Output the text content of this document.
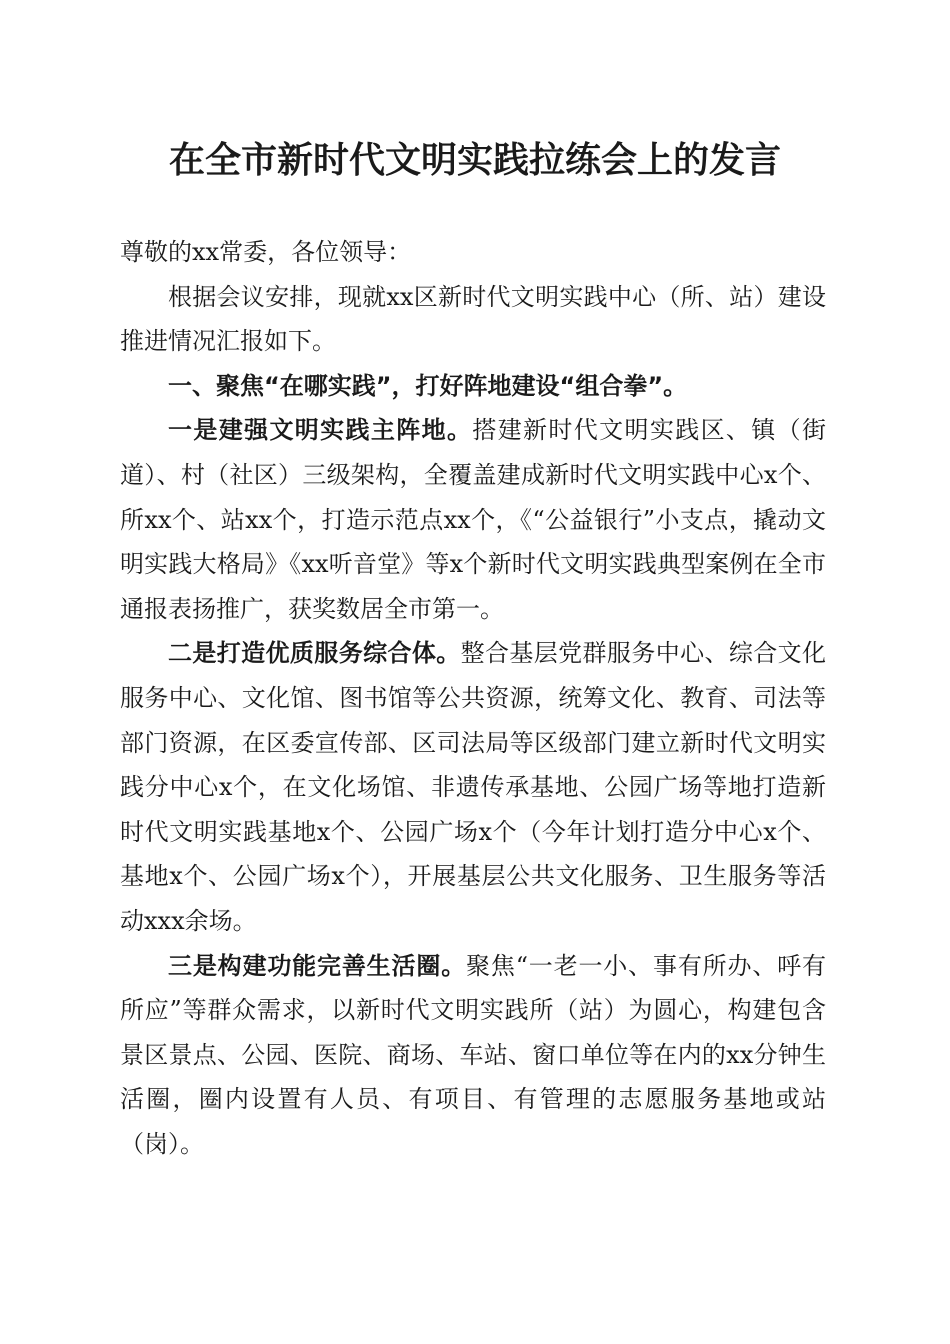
在全市新时代文明实践拉练会上的发言

尊敬的xx常委，各位领导：

根据会议安排，现就xx区新时代文明实践中心（所、站）建设推进情况汇报如下。

一、聚焦“在哪实践”，打好阵地建设“组合拳”。

一是建强文明实践主阵地。搭建新时代文明实践区、镇（街道）、村（社区）三级架构，全覆盖建成新时代文明实践中心x个、所xx个、站xx个，打造示范点xx个，《“公益银行”小支点，撬动文明实践大格局》《xx听音堂》等x个新时代文明实践典型案例在全市通报表扬推广，获奖数居全市第一。

二是打造优质服务综合体。整合基层党群服务中心、综合文化服务中心、文化馆、图书馆等公共资源，统筹文化、教育、司法等部门资源，在区委宣传部、区司法局等区级部门建立新时代文明实践分中心x个，在文化场馆、非遗传承基地、公园广场等地打造新时代文明实践基地x个、公园广场x个（今年计划打造分中心x个、基地x个、公园广场x个），开展基层公共文化服务、卫生服务等活动xxx余场。

三是构建功能完善生活圈。聚焦“一老一小、事有所办、呼有所应”等群众需求，以新时代文明实践所（站）为圆心，构建包含景区景点、公园、医院、商场、车站、窗口单位等在内的xx分钟生活圈，圈内设置有人员、有项目、有管理的志愿服务基地或站（岗）。
